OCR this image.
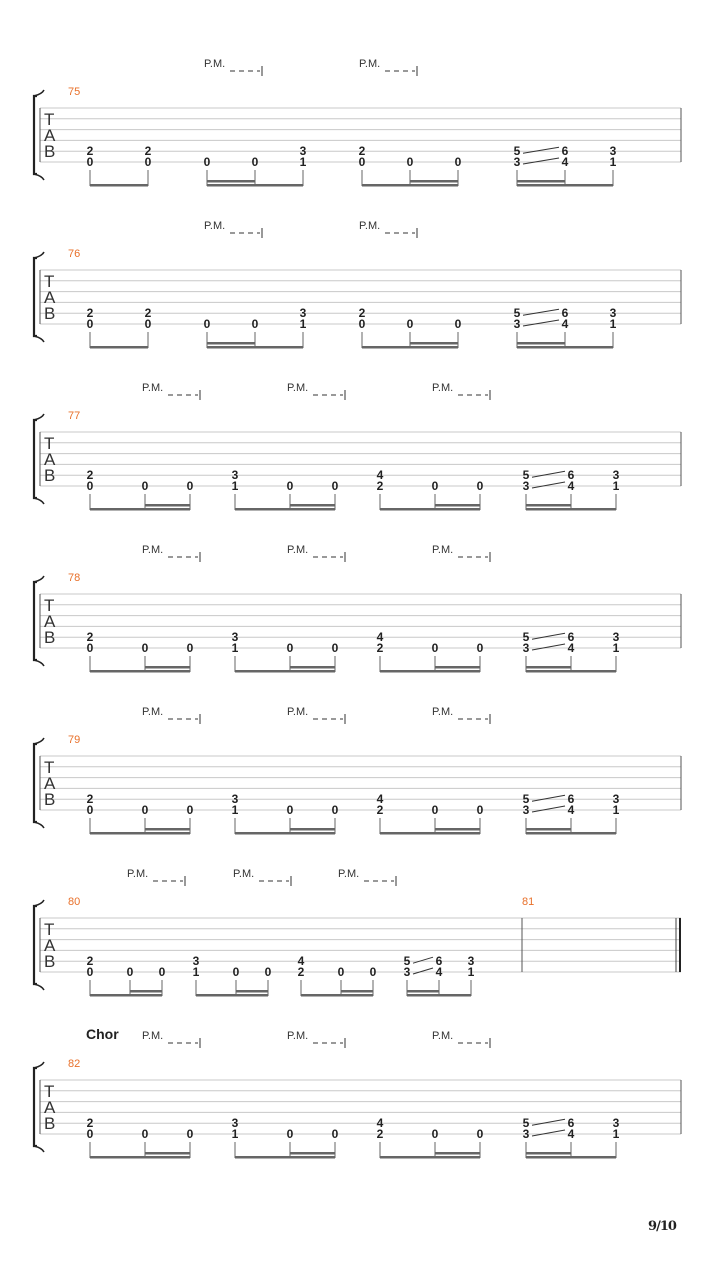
T
A
B
75
2
0
2
0	0	0
3
1
2
0	0	0
5
3
6
4
3
1
P.M.	P.M.
T
A
B
76
2
0
2
0	0	0
3
1
2
0	0	0
5
3
6
4
3
1
P.M.	P.M.
T
A
B
77
2
0	0	0
3
1	0	0
4
2	0	0
5
3
6
4
3
1
P.M.	P.M.	P.M.
T
A
B
78
2
0	0	0
3
1	0	0
4
2	0	0
5
3
6
4
3
1
P.M.	P.M.	P.M.
T
A
B
79
2
0	0	0
3
1	0	0
4
2	0	0
5
3
6
4
3
1
P.M.	P.M.	P.M.
T
A
B
80	81
2
0	0 0
3
1	0 0
4
2	0 0
5
3
6
4
3
1
P.M.	P.M.	P.M.
T
A
B
Chor
82
2
0	0	0
3
1	0	0
4
2	0	0
5
3
6
4
3
1
P.M.	P.M.	P.M.
9/10
